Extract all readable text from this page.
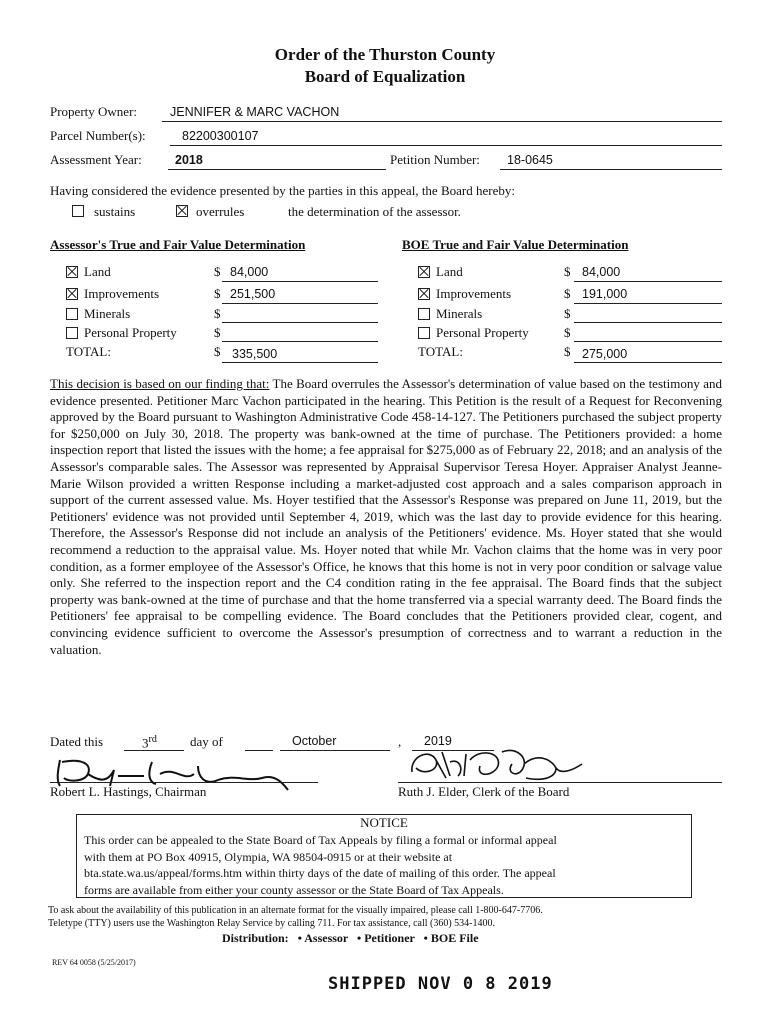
Order of the Thurston County
Board of Equalization
Property Owner:	JENNIFER & MARC VACHON
Parcel Number(s):	82200300107
Assessment Year:	2018	Petition Number: 18-0645
Having considered the evidence presented by the parties in this appeal, the Board hereby:
sustains	overrules	the determination of the assessor.
Assessor's True and Fair Value Determination
Land	$ 84,000
Improvements	$ 251,500
Minerals	$
Personal Property	$
TOTAL:	$ 335,500
BOE True and Fair Value Determination
Land	$ 84,000
Improvements	$ 191,000
Minerals	$
Personal Property	$
TOTAL:	$ 275,000
This decision is based on our finding that: The Board overrules the Assessor's determination of value based on the testimony and evidence presented. Petitioner Marc Vachon participated in the hearing. This Petition is the result of a Request for Reconvening approved by the Board pursuant to Washington Administrative Code 458-14-127. The Petitioners purchased the subject property for $250,000 on July 30, 2018. The property was bank-owned at the time of purchase. The Petitioners provided: a home inspection report that listed the issues with the home; a fee appraisal for $275,000 as of February 22, 2018; and an analysis of the Assessor's comparable sales. The Assessor was represented by Appraisal Supervisor Teresa Hoyer. Appraiser Analyst Jeanne-Marie Wilson provided a written Response including a market-adjusted cost approach and a sales comparison approach in support of the current assessed value. Ms. Hoyer testified that the Assessor's Response was prepared on June 11, 2019, but the Petitioners' evidence was not provided until September 4, 2019, which was the last day to provide evidence for this hearing. Therefore, the Assessor's Response did not include an analysis of the Petitioners' evidence. Ms. Hoyer stated that she would recommend a reduction to the appraisal value. Ms. Hoyer noted that while Mr. Vachon claims that the home was in very poor condition, as a former employee of the Assessor's Office, he knows that this home is not in very poor condition or salvage value only. She referred to the inspection report and the C4 condition rating in the fee appraisal. The Board finds that the subject property was bank-owned at the time of purchase and that the home transferred via a special warranty deed. The Board finds the Petitioners' fee appraisal to be compelling evidence. The Board concludes that the Petitioners provided clear, cogent, and convincing evidence sufficient to overcome the Assessor's presumption of correctness and to warrant a reduction in the valuation.
Dated this	3rd	day of	October	, 2019
Robert L. Hastings, Chairman	Ruth J. Elder, Clerk of the Board
NOTICE
This order can be appealed to the State Board of Tax Appeals by filing a formal or informal appeal
with them at PO Box 40915, Olympia, WA 98504-0915 or at their website at
bta.state.wa.us/appeal/forms.htm within thirty days of the date of mailing of this order. The appeal
forms are available from either your county assessor or the State Board of Tax Appeals.
To ask about the availability of this publication in an alternate format for the visually impaired, please call 1-800-647-7706.
Teletype (TTY) users use the Washington Relay Service by calling 711. For tax assistance, call (360) 534-1400.
Distribution:   • Assessor   • Petitioner   • BOE File
REV 64 0058 (5/25/2017)
SHIPPED NOV 0 8 2019
